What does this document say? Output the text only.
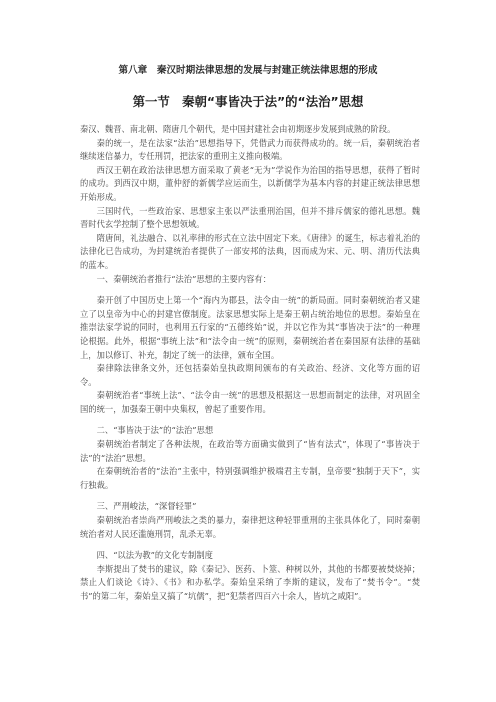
第八章　秦汉时期法律思想的发展与封建正统法律思想的形成
第一节　秦朝“事皆决于法”的“法治”思想

秦汉、魏晋、南北朝、隋唐几个朝代，是中国封建社会由初期逐步发展到成熟的阶段。

秦的统一，是在法家“法治”思想指导下，凭借武力而获得成功的。统一后，秦朝统治者继续迷信暴力，专任刑罚，把法家的重刑主义推向极端。

西汉王朝在政治法律思想方面采取了黄老“无为”学说作为治国的指导思想，获得了暂时的成功。到西汉中期，董仲舒的新儒学应运而生，以新儒学为基本内容的封建正统法律思想开始形成。

三国时代，一些政治家、思想家主张以严法重刑治国，但并不排斥儒家的德礼思想。魏晋时代玄学控制了整个思想领域。

隋唐间，礼法融合、以礼率律的形式在立法中固定下来。《唐律》的诞生，标志着礼治的法律化已告成功，为封建统治者提供了一部安邦的法典，因而成为宋、元、明、清历代法典的蓝本。

一、秦朝统治者推行“法治”思想的主要内容有：

秦开创了中国历史上第一个“海内为郡县，法令由一统”的新局面。同时秦朝统治者又建立了以皇帝为中心的封建官僚制度。法家思想实际上是秦王朝占统治地位的思想。秦始皇在推崇法家学说的同时，也利用五行家的“五德终始”说，并以它作为其“事皆决于法”的一种理论根据。此外，根据“事统上法”和“法令由一统”的原则，秦朝统治者在秦国原有法律的基础上，加以修订、补充，制定了统一的法律，颁布全国。

秦律除法律条文外，还包括秦始皇执政期间颁布的有关政治、经济、文化等方面的诏令。

秦朝统治者“事统上法”、“法令由一统”的思想及根据这一思想而制定的法律，对巩固全国的统一，加强秦王朝中央集权，曾起了重要作用。

二、“事皆决于法”的“法治”思想

秦朝统治者制定了各种法规，在政治等方面确实做到了“皆有法式”，体现了“事皆决于法”的“法治”思想。

在秦朝统治者的“法治”主张中，特别强调维护极端君主专制，皇帝要“独制于天下”，实行独裁。

三、严刑峻法，“深督轻罪”

秦朝统治者崇尚严刑峻法之类的暴力，秦律把这种轻罪重刑的主张具体化了，同时秦朝统治者对人民还滥施刑罚，乱杀无辜。

四、“以法为教”的文化专制制度

李斯提出了焚书的建议，除《秦记》、医药、卜筮、种树以外，其他的书都要被焚烧掉；禁止人们谈论《诗》、《书》和办私学。秦始皇采纳了李斯的建议，发布了“焚书令”。“焚书”的第二年，秦始皇又搞了“坑儒”，把“犯禁者四百六十余人，皆坑之咸阳”。
